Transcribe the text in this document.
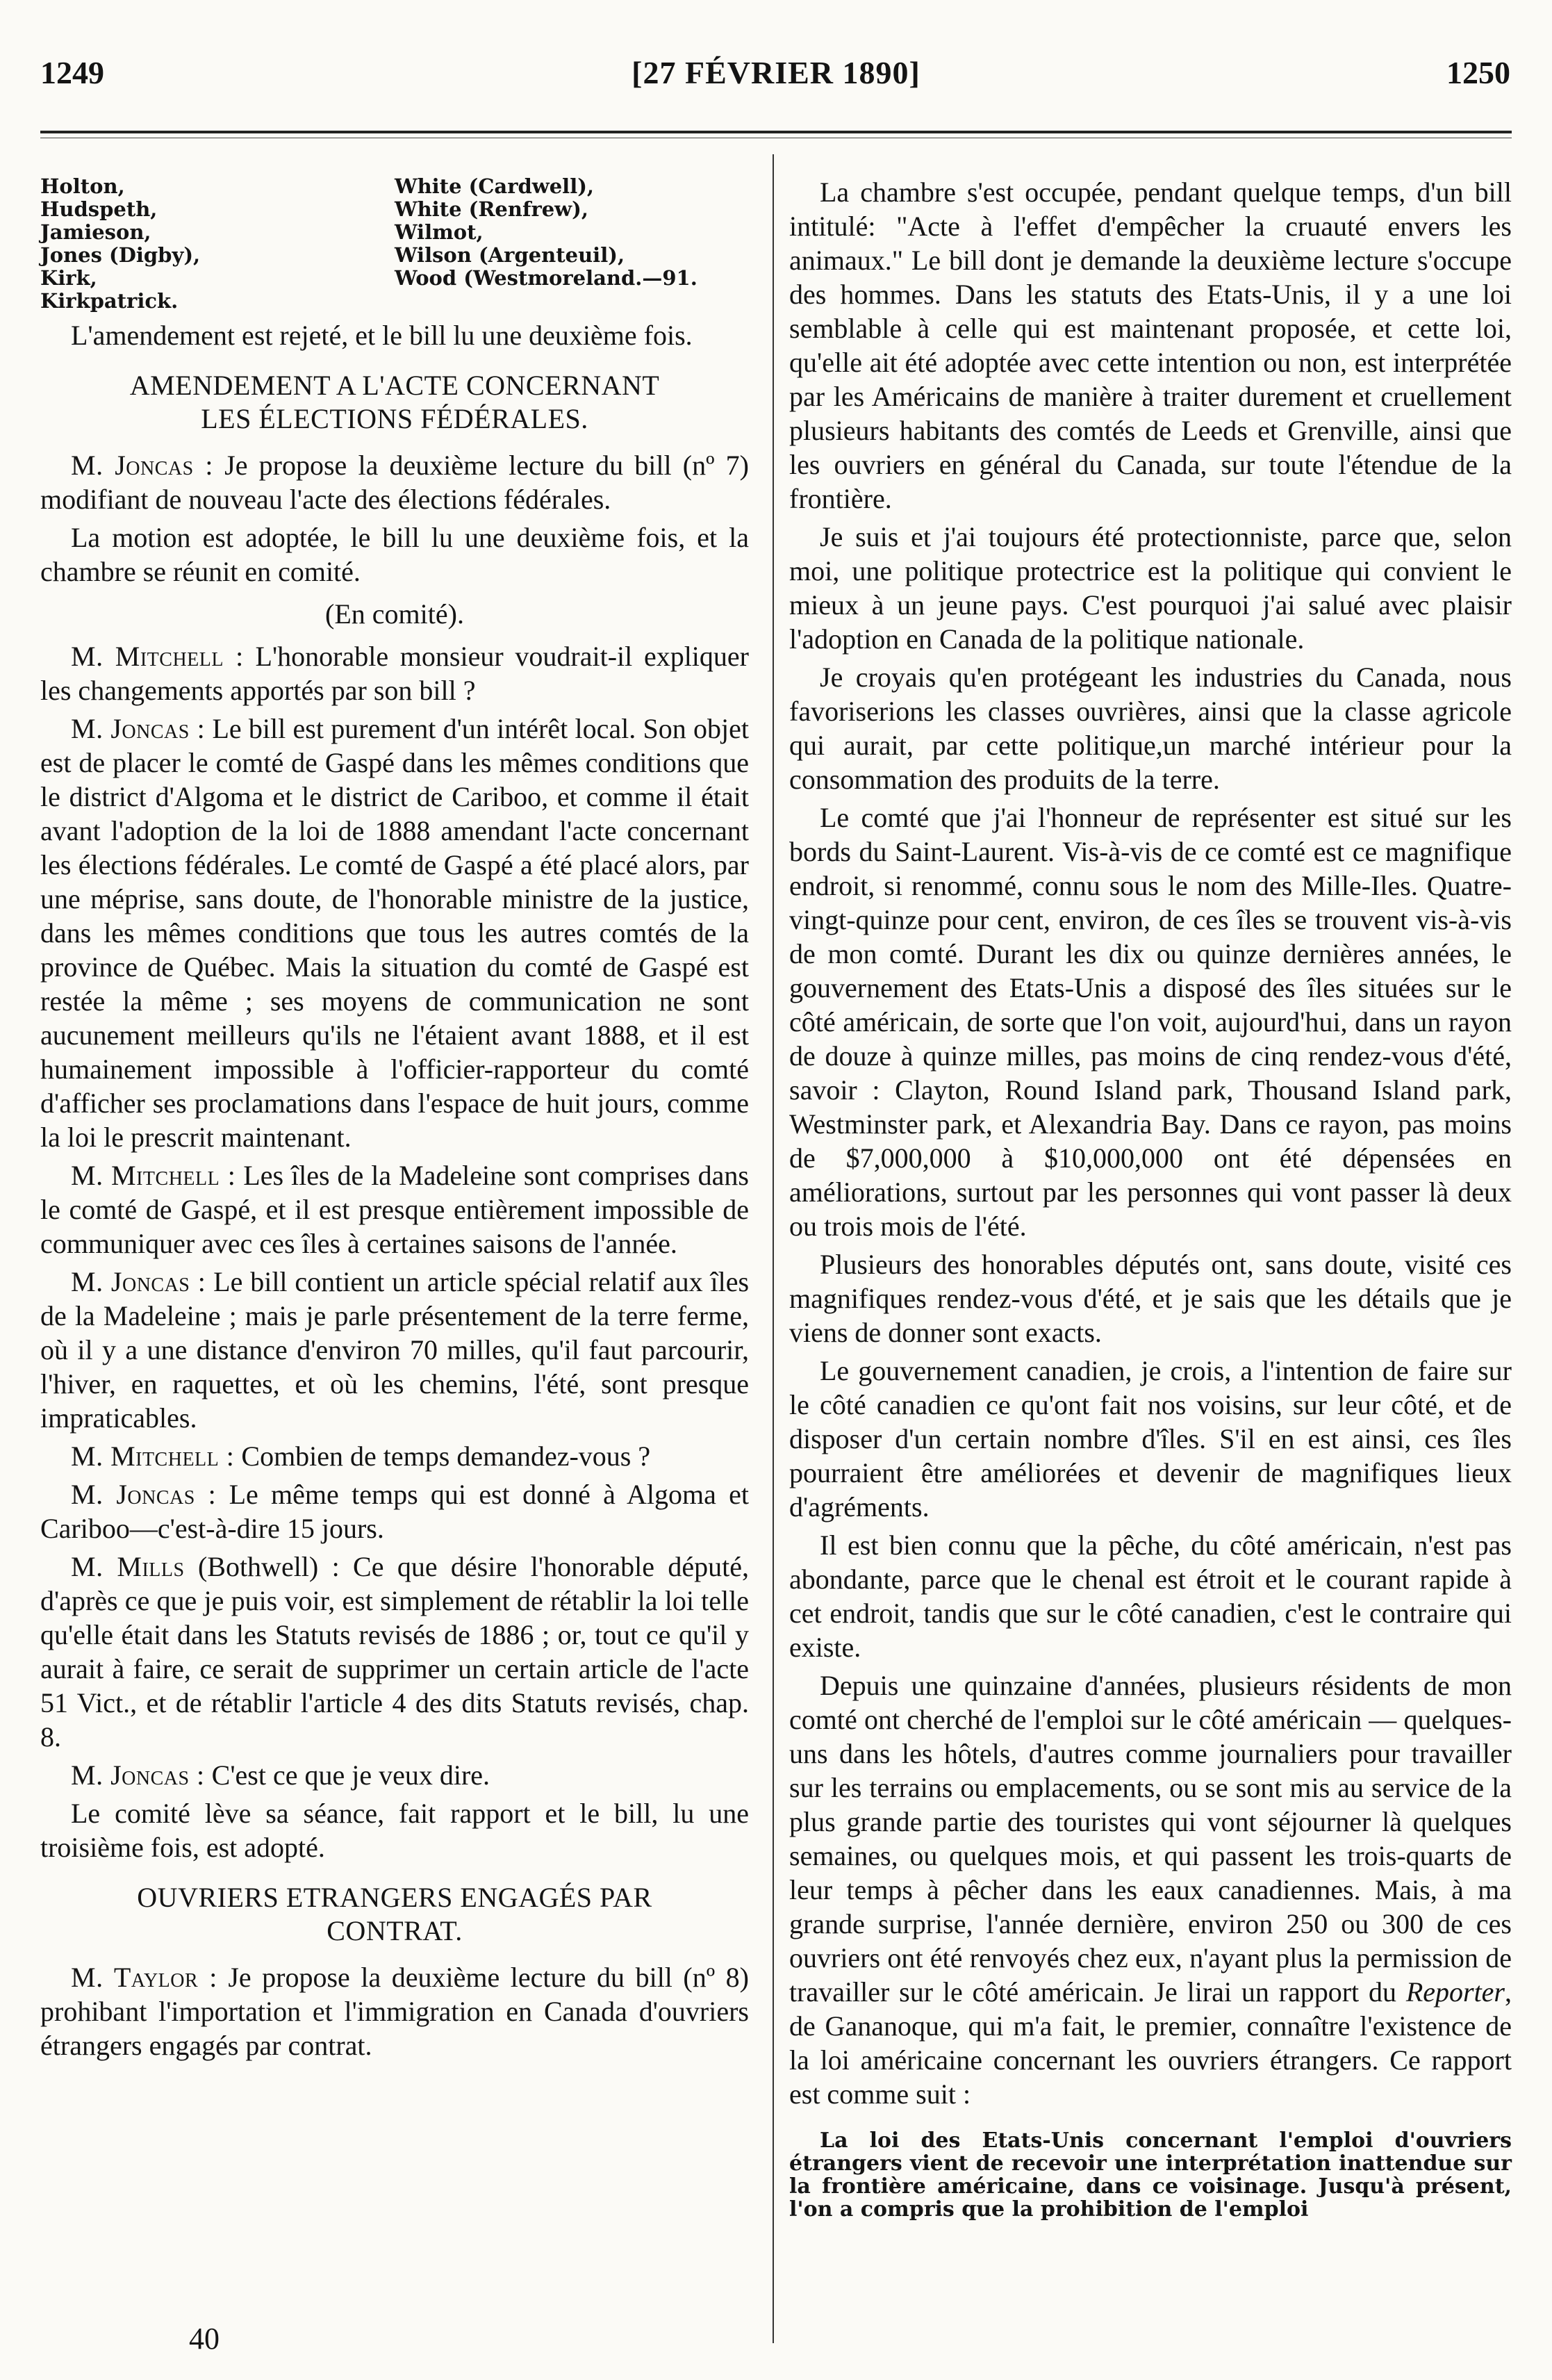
1249	[27 FÉVRIER 1890]	1250
Holton,
Hudspeth,
Jamieson,
Jones (Digby),
Kirk,
Kirkpatrick.
White (Cardwell),
White (Renfrew),
Wilmot,
Wilson (Argenteuil),
Wood (Westmoreland.—91.

L'amendement est rejeté, et le bill lu une deuxième fois.

AMENDEMENT A L'ACTE CONCERNANT
LES ÉLECTIONS FÉDÉRALES.

M. Joncas : Je propose la deuxième lecture du bill (nº 7) modifiant de nouveau l'acte des élections fédérales.

La motion est adoptée, le bill lu une deuxième fois, et la chambre se réunit en comité.

(En comité).

M. Mitchell : L'honorable monsieur voudrait-il expliquer les changements apportés par son bill ?

M. Joncas : Le bill est purement d'un intérêt local. Son objet est de placer le comté de Gaspé dans les mêmes conditions que le district d'Algoma et le district de Cariboo, et comme il était avant l'adoption de la loi de 1888 amendant l'acte concernant les élections fédérales. Le comté de Gaspé a été placé alors, par une méprise, sans doute, de l'honorable ministre de la justice, dans les mêmes conditions que tous les autres comtés de la province de Québec. Mais la situation du comté de Gaspé est restée la même ; ses moyens de communication ne sont aucunement meilleurs qu'ils ne l'étaient avant 1888, et il est humainement impossible à l'officier-rapporteur du comté d'afficher ses proclamations dans l'espace de huit jours, comme la loi le prescrit maintenant.

M. Mitchell : Les îles de la Madeleine sont comprises dans le comté de Gaspé, et il est presque entièrement impossible de communiquer avec ces îles à certaines saisons de l'année.

M. Joncas : Le bill contient un article spécial relatif aux îles de la Madeleine ; mais je parle présentement de la terre ferme, où il y a une distance d'environ 70 milles, qu'il faut parcourir, l'hiver, en raquettes, et où les chemins, l'été, sont presque impraticables.

M. Mitchell : Combien de temps demandez-vous ?

M. Joncas : Le même temps qui est donné à Algoma et Cariboo—c'est-à-dire 15 jours.

M. Mills (Bothwell) : Ce que désire l'honorable député, d'après ce que je puis voir, est simplement de rétablir la loi telle qu'elle était dans les Statuts revisés de 1886 ; or, tout ce qu'il y aurait à faire, ce serait de supprimer un certain article de l'acte 51 Vict., et de rétablir l'article 4 des dits Statuts revisés, chap. 8.

M. Joncas : C'est ce que je veux dire.

Le comité lève sa séance, fait rapport et le bill, lu une troisième fois, est adopté.

OUVRIERS ETRANGERS ENGAGÉS PAR
CONTRAT.

M. Taylor : Je propose la deuxième lecture du bill (nº 8) prohibant l'importation et l'immigration en Canada d'ouvriers étrangers engagés par contrat.

40

La chambre s'est occupée, pendant quelque temps, d'un bill intitulé: "Acte à l'effet d'empêcher la cruauté envers les animaux." Le bill dont je demande la deuxième lecture s'occupe des hommes. Dans les statuts des Etats-Unis, il y a une loi semblable à celle qui est maintenant proposée, et cette loi, qu'elle ait été adoptée avec cette intention ou non, est interprétée par les Américains de manière à traiter durement et cruellement plusieurs habitants des comtés de Leeds et Grenville, ainsi que les ouvriers en général du Canada, sur toute l'étendue de la frontière.

Je suis et j'ai toujours été protectionniste, parce que, selon moi, une politique protectrice est la politique qui convient le mieux à un jeune pays. C'est pourquoi j'ai salué avec plaisir l'adoption en Canada de la politique nationale.

Je croyais qu'en protégeant les industries du Canada, nous favoriserions les classes ouvrières, ainsi que la classe agricole qui aurait, par cette politique,un marché intérieur pour la consommation des produits de la terre.

Le comté que j'ai l'honneur de représenter est situé sur les bords du Saint-Laurent. Vis-à-vis de ce comté est ce magnifique endroit, si renommé, connu sous le nom des Mille-Iles. Quatre-vingt-quinze pour cent, environ, de ces îles se trouvent vis-à-vis de mon comté. Durant les dix ou quinze dernières années, le gouvernement des Etats-Unis a disposé des îles situées sur le côté américain, de sorte que l'on voit, aujourd'hui, dans un rayon de douze à quinze milles, pas moins de cinq rendez-vous d'été, savoir : Clayton, Round Island park, Thousand Island park, Westminster park, et Alexandria Bay. Dans ce rayon, pas moins de $7,000,000 à $10,000,000 ont été dépensées en améliorations, surtout par les personnes qui vont passer là deux ou trois mois de l'été.

Plusieurs des honorables députés ont, sans doute, visité ces magnifiques rendez-vous d'été, et je sais que les détails que je viens de donner sont exacts.

Le gouvernement canadien, je crois, a l'intention de faire sur le côté canadien ce qu'ont fait nos voisins, sur leur côté, et de disposer d'un certain nombre d'îles. S'il en est ainsi, ces îles pourraient être améliorées et devenir de magnifiques lieux d'agréments.

Il est bien connu que la pêche, du côté américain, n'est pas abondante, parce que le chenal est étroit et le courant rapide à cet endroit, tandis que sur le côté canadien, c'est le contraire qui existe.

Depuis une quinzaine d'années, plusieurs résidents de mon comté ont cherché de l'emploi sur le côté américain — quelques-uns dans les hôtels, d'autres comme journaliers pour travailler sur les terrains ou emplacements, ou se sont mis au service de la plus grande partie des touristes qui vont séjourner là quelques semaines, ou quelques mois, et qui passent les trois-quarts de leur temps à pêcher dans les eaux canadiennes. Mais, à ma grande surprise, l'année dernière, environ 250 ou 300 de ces ouvriers ont été renvoyés chez eux, n'ayant plus la permission de travailler sur le côté américain. Je lirai un rapport du Reporter, de Gananoque, qui m'a fait, le premier, connaître l'existence de la loi américaine concernant les ouvriers étrangers. Ce rapport est comme suit :

La loi des Etats-Unis concernant l'emploi d'ouvriers étrangers vient de recevoir une interprétation inattendue sur la frontière américaine, dans ce voisinage. Jusqu'à présent, l'on a compris que la prohibition de l'emploi
